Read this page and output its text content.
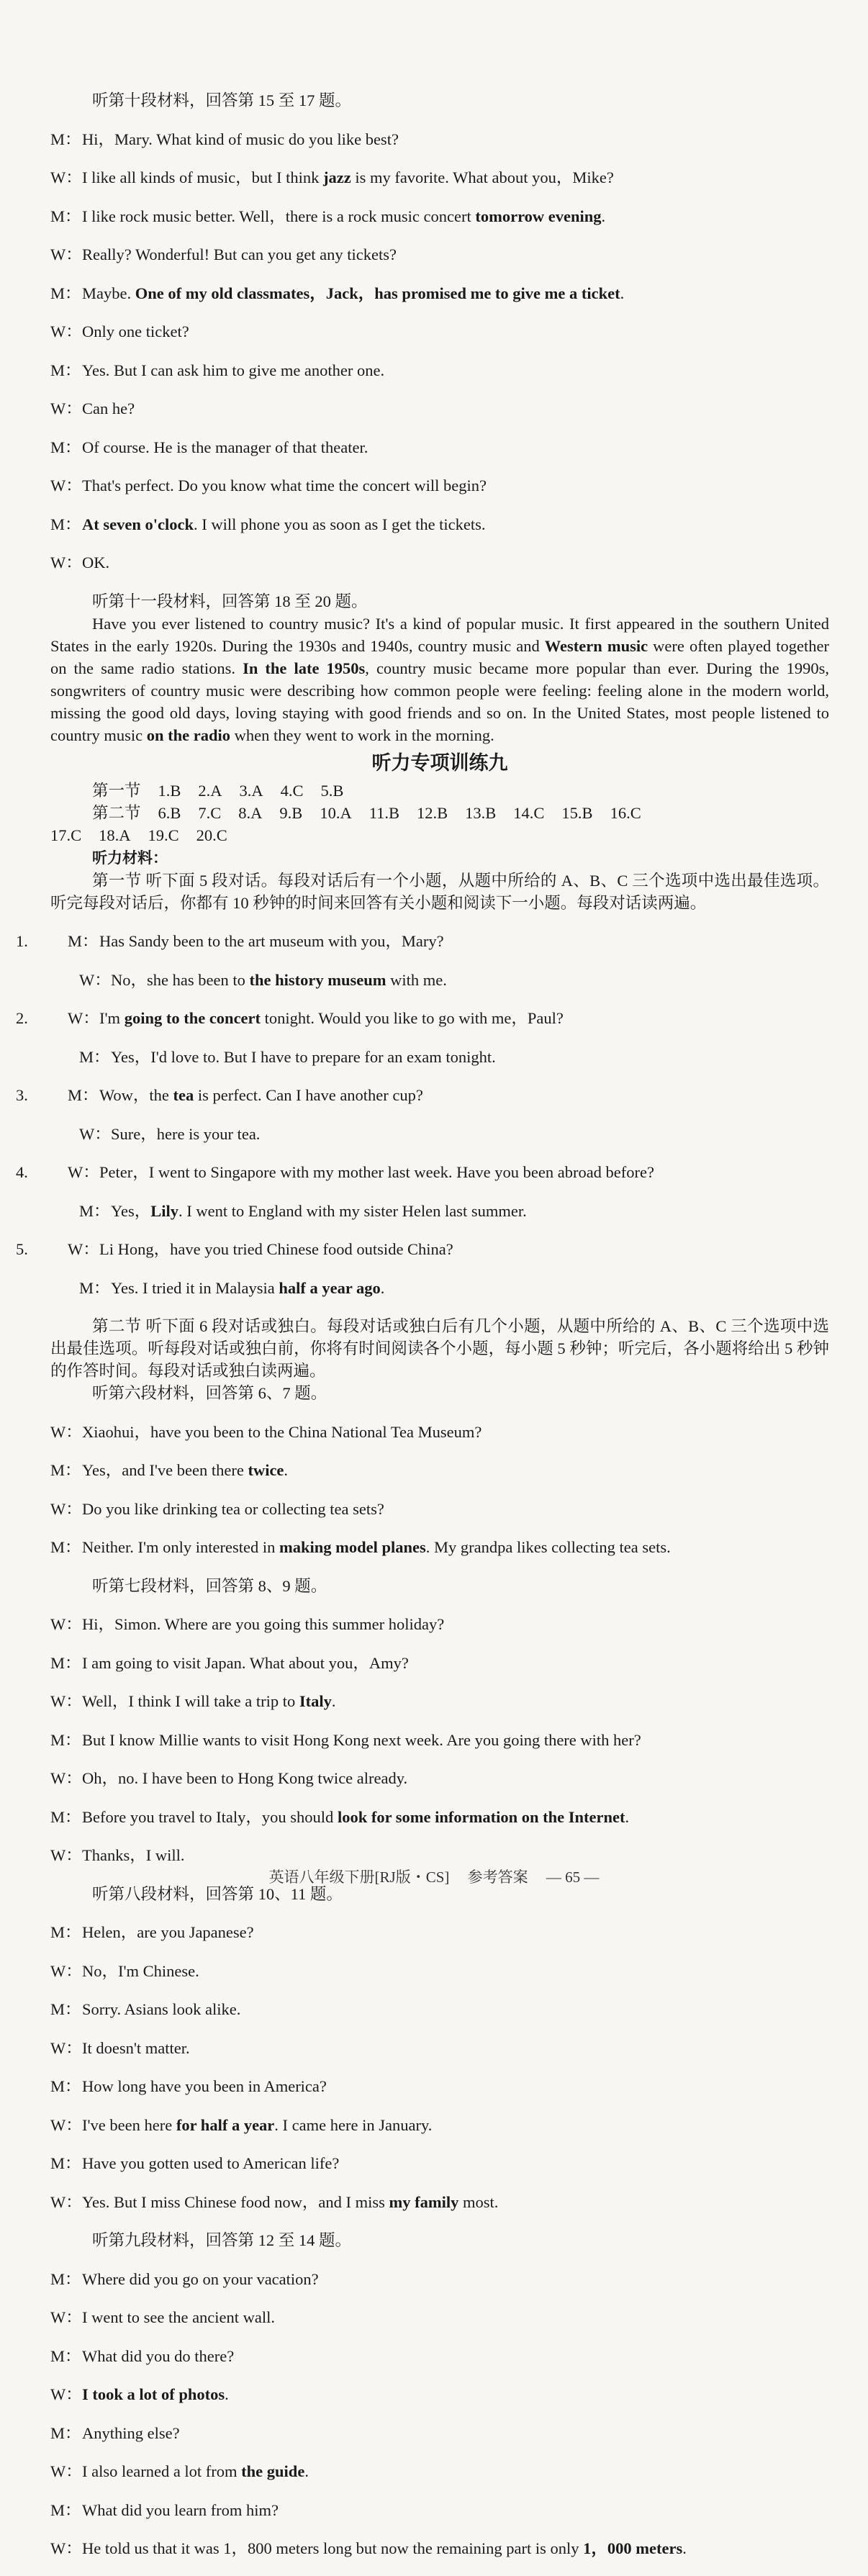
听第十段材料，回答第 15 至 17 题。

M：Hi，Mary. What kind of music do you like best?

W：I like all kinds of music，but I think jazz is my favorite. What about you，Mike?

M：I like rock music better. Well，there is a rock music concert tomorrow evening.

W：Really? Wonderful! But can you get any tickets?

M：Maybe. One of my old classmates，Jack，has promised me to give me a ticket.

W：Only one ticket?

M：Yes. But I can ask him to give me another one.

W：Can he?

M：Of course. He is the manager of that theater.

W：That's perfect. Do you know what time the concert will begin?

M：At seven o'clock. I will phone you as soon as I get the tickets.

W：OK.

听第十一段材料，回答第 18 至 20 题。

Have you ever listened to country music? It's a kind of popular music. It first appeared in the southern United States in the early 1920s. During the 1930s and 1940s, country music and Western music were often played together on the same radio stations. In the late 1950s, country music became more popular than ever. During the 1990s, songwriters of country music were describing how common people were feeling: feeling alone in the modern world, missing the good old days, loving staying with good friends and so on. In the United States, most people listened to country music on the radio when they went to work in the morning.

听力专项训练九

第一节 1.B 2.A 3.A 4.C 5.B

第二节 6.B 7.C 8.A 9.B 10.A 11.B 12.B 13.B 14.C 15.B 16.C

17.C 18.A 19.C 20.C

听力材料：

第一节 听下面 5 段对话。每段对话后有一个小题，从题中所给的 A、B、C 三个选项中选出最佳选项。听完每段对话后，你都有 10 秒钟的时间来回答有关小题和阅读下一小题。每段对话读两遍。

1. M：Has Sandy been to the art museum with you，Mary?

W：No，she has been to the history museum with me.

2. W：I'm going to the concert tonight. Would you like to go with me，Paul?

M：Yes，I'd love to. But I have to prepare for an exam tonight.

3. M：Wow，the tea is perfect. Can I have another cup?

W：Sure，here is your tea.

4. W：Peter，I went to Singapore with my mother last week. Have you been abroad before?

M：Yes，Lily. I went to England with my sister Helen last summer.

5. W：Li Hong，have you tried Chinese food outside China?

M：Yes. I tried it in Malaysia half a year ago.

第二节 听下面 6 段对话或独白。每段对话或独白后有几个小题，从题中所给的 A、B、C 三个选项中选出最佳选项。听每段对话或独白前，你将有时间阅读各个小题，每小题 5 秒钟；听完后，各小题将给出 5 秒钟的作答时间。每段对话或独白读两遍。

听第六段材料，回答第 6、7 题。

W：Xiaohui，have you been to the China National Tea Museum?

M：Yes，and I've been there twice.

W：Do you like drinking tea or collecting tea sets?

M：Neither. I'm only interested in making model planes. My grandpa likes collecting tea sets.

听第七段材料，回答第 8、9 题。

W：Hi，Simon. Where are you going this summer holiday?

M：I am going to visit Japan. What about you，Amy?

W：Well，I think I will take a trip to Italy.

M：But I know Millie wants to visit Hong Kong next week. Are you going there with her?

W：Oh，no. I have been to Hong Kong twice already.

M：Before you travel to Italy，you should look for some information on the Internet.

W：Thanks，I will.

听第八段材料，回答第 10、11 题。

M：Helen，are you Japanese?

W：No，I'm Chinese.

M：Sorry. Asians look alike.

W：It doesn't matter.

M：How long have you been in America?

W：I've been here for half a year. I came here in January.

M：Have you gotten used to American life?

W：Yes. But I miss Chinese food now，and I miss my family most.

听第九段材料，回答第 12 至 14 题。

M：Where did you go on your vacation?

W：I went to see the ancient wall.

M：What did you do there?

W：I took a lot of photos.

M：Anything else?

W：I also learned a lot from the guide.

M：What did you learn from him?

W：He told us that it was 1，800 meters long but now the remaining part is only 1，000 meters.

英语八年级下册[RJ版・CS] 参考答案 — 65 —
